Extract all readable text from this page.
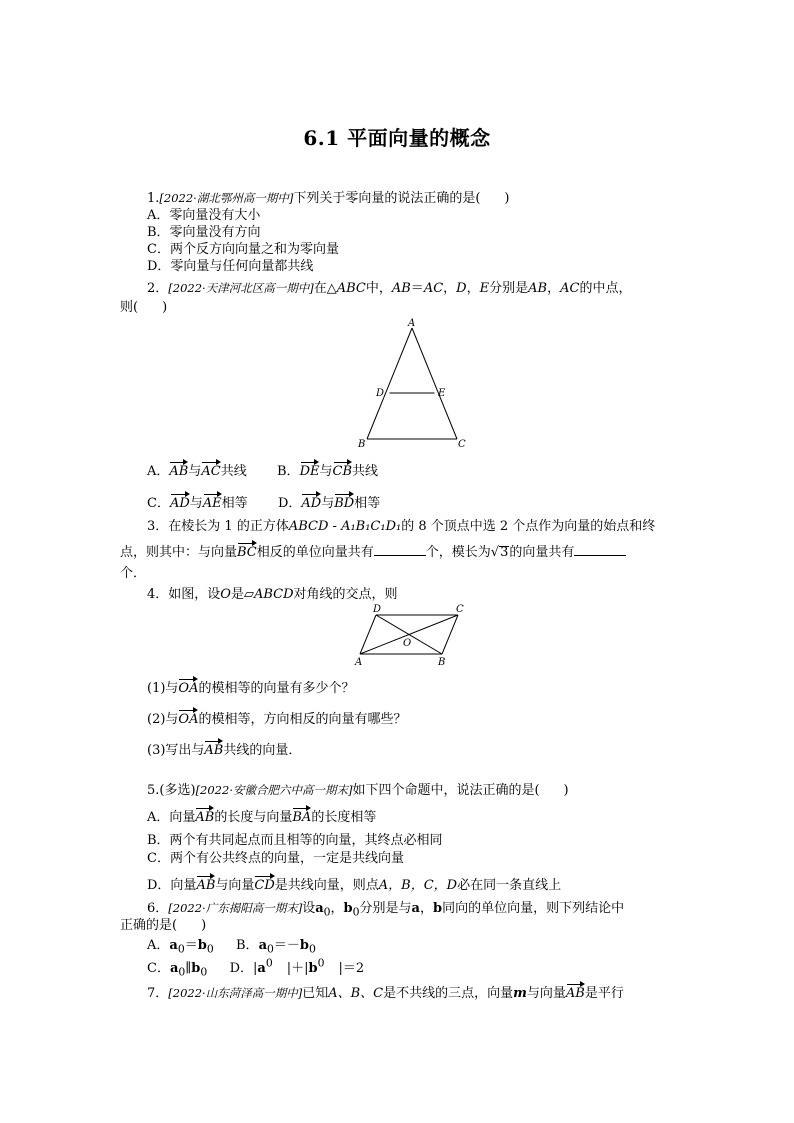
6.1 平面向量的概念
1.[2022·湖北鄂州高一期中]下列关于零向量的说法正确的是( )
A．零向量没有大小
B．零向量没有方向
C．两个反方向向量之和为零向量
D．零向量与任何向量都共线
2．[2022·天津河北区高一期中]在△ABC中，AB＝AC，D，E分别是AB，AC的中点，
则( )
A
D	E
B	C
A．AB与AC共线 B．DE与CB共线
C．AD与AE相等 D．AD与BD相等
3．在棱长为 1 的正方体ABCD - A₁B₁C₁D₁的 8 个顶点中选 2 个点作为向量的始点和终
点，则其中：与向量BC相反的单位向量共有	个，模长为√3的向量共有
个．
4．如图，设O是▱ABCD对角线的交点，则
D	C
O
A	B
(1)与OA的模相等的向量有多少个？
(2)与OA的模相等，方向相反的向量有哪些？
(3)写出与AB共线的向量．
5.(多选)[2022·安徽合肥六中高一期末]如下四个命题中，说法正确的是( )
A．向量AB的长度与向量BA的长度相等
B．两个有共同起点而且相等的向量，其终点必相同
C．两个有公共终点的向量，一定是共线向量
D．向量AB与向量CD是共线向量，则点A，B，C，D必在同一条直线上
6．[2022·广东揭阳高一期末]设$a_0$，$b_0$分别是与a，b同向的单位向量，则下列结论中
正确的是( )
A．$a_0=b_0$ B．$a_0=-b_0$
C．$a_0\parallel b_0$ D．$|a^0$ $|+|b^0$ |＝2
7．[2022·山东菏泽高一期中]已知A、B、C是不共线的三点，向量m与向量AB是平行
